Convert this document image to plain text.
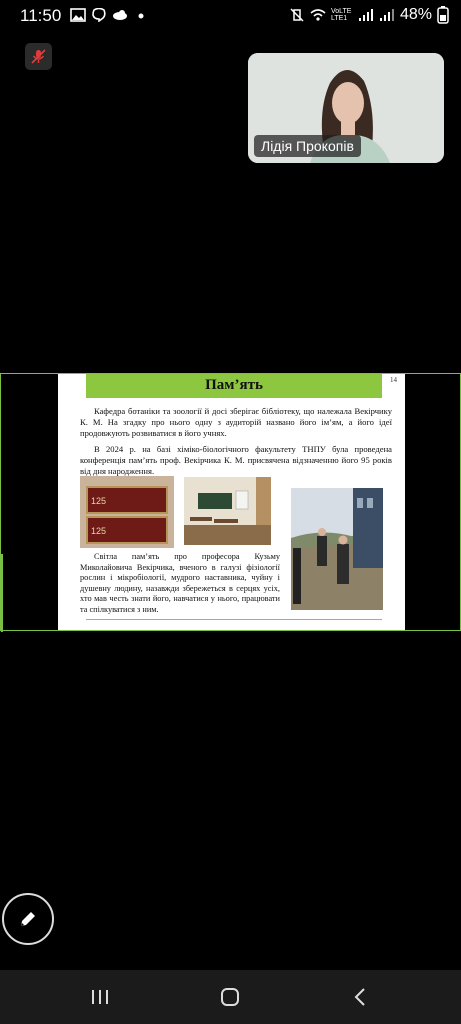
11:50	VoLTE LTE1	48%
Лідія Прокопів
Пам’ять	14
Кафедра ботаніки та зоології й досі зберігає бібліотеку, що належала Векірчику К. М. На згадку про нього одну з аудиторій названо його ім’ям, а його ідеї продовжують розвиватися в його учнях.
В 2024 р. на базі хіміко-біологічного факультету ТНПУ була проведена конференція пам’ять проф. Векірчика К. М. присвячена відзначенню його 95 років від дня народження.
125
125
Світла пам’ять про професора Кузьму Миколайовича Векірчика, вченого в галузі фізіології рослин і мікробіології, мудрого наставника, чуйну і душевну людину, назавжди збережеться в серцях усіх, хто мав честь знати його, навчатися у нього, працювати та спілкуватися з ним.
